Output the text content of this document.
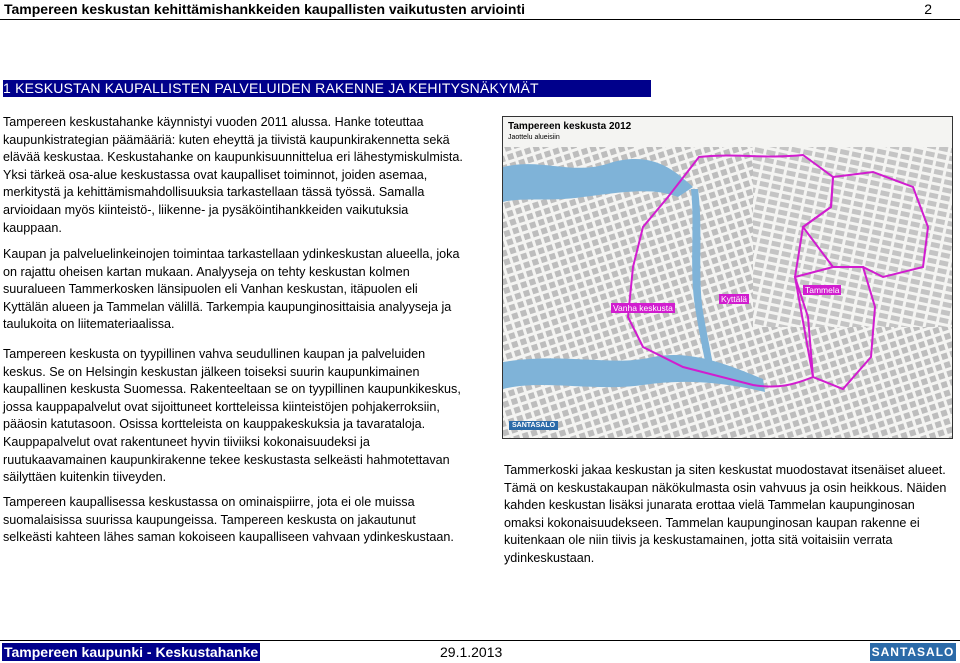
Tampereen keskustan kehittämishankkeiden kaupallisten vaikutusten arviointi	2
1 KESKUSTAN KAUPALLISTEN PALVELUIDEN RAKENNE JA KEHITYSNÄKYMÄT

Tampereen keskustahanke käynnistyi vuoden 2011 alussa. Hanke toteuttaa kaupunkistrategian päämääriä: kuten eheyttä ja tiivistä kaupunkirakennetta sekä elävää keskustaa. Keskustahanke on kaupunkisuunnittelua eri lähestymiskulmista. Yksi tärkeä osa-alue keskustassa ovat kaupalliset toiminnot, joiden asemaa, merkitystä ja kehittämismahdollisuuksia tarkastellaan tässä työssä. Samalla arvioidaan myös kiinteistö-, liikenne- ja pysäköintihankkeiden vaikutuksia kauppaan.

Kaupan ja palveluelinkeinojen toimintaa tarkastellaan ydinkeskustan alueella, joka on rajattu oheisen kartan mukaan. Analyyseja on tehty keskustan kolmen suuralueen Tammerkosken länsipuolen eli Vanhan keskustan, itäpuolen eli Kyttälän alueen ja Tammelan välillä. Tarkempia kaupunginosittaisia analyyseja ja taulukoita on liitemateriaalissa.

Tampereen keskusta on tyypillinen vahva seudullinen kaupan ja palveluiden keskus. Se on Helsingin keskustan jälkeen toiseksi suurin kaupunkimainen kaupallinen keskusta Suomessa. Rakenteeltaan se on tyypillinen kaupunkikeskus, jossa kauppapalvelut ovat sijoittuneet kortteleissa kiinteistöjen pohjakerroksiin, pääosin katutasoon. Osissa kortteleista on kauppakeskuksia ja tavarataloja. Kauppapalvelut ovat rakentuneet hyvin tiiviiksi kokonaisuudeksi ja ruutukaavamainen kaupunkirakenne tekee keskustasta selkeästi hahmotettavan säilyttäen kuitenkin tiiveyden.

Tampereen kaupallisessa keskustassa on ominaispiirre, jota ei ole muissa suomalaisissa suurissa kaupungeissa. Tampereen keskusta on jakautunut selkeästi kahteen lähes saman kokoiseen kaupalliseen vahvaan ydinkeskustaan.

Tammerkoski jakaa keskustan ja siten keskustat muodostavat itsenäiset alueet. Tämä on keskustakaupan näkökulmasta osin vahvuus ja osin heikkous. Näiden kahden keskustan lisäksi junarata erottaa vielä Tammelan kaupunginosan omaksi kokonaisuudekseen. Tammelan kaupunginosan kaupan rakenne ei kuitenkaan ole niin tiivis ja keskustamainen, jotta sitä voitaisiin verrata ydinkeskustaan.

Tampereen keskusta 2012
Jaottelu alueisiin
Vanha keskusta
Kyttälä
Tammela
SANTASALO
Tampereen kaupunki - Keskustahanke	29.1.2013	SANTASALO
